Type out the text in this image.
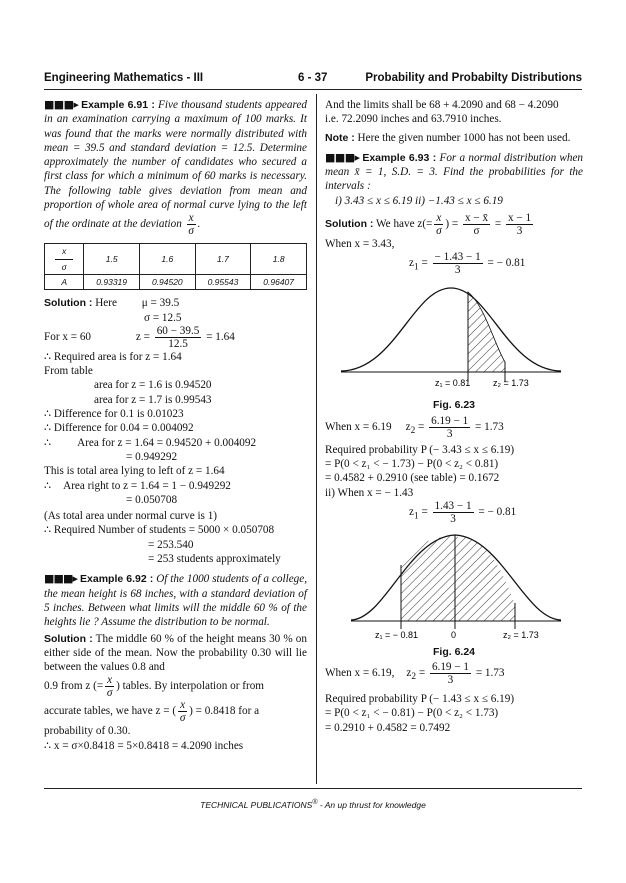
Engineering Mathematics - III	6 - 37	Probability and Probabilty Distributions

■■■▸ Example 6.91 : Five thousand students appeared in an examination carrying a maximum of 100 marks. It was found that the marks were normally distributed with mean = 39.5 and standard deviation = 12.5. Determine approximately the number of candidates who secured a first class for which a minimum of 60 marks is necessary. The following table gives deviation from mean and proportion of whole area of normal curve lying to the left of the ordinate at the deviation $\frac{x}{\sigma}$ .

x
σ	1.5	1.6	1.7	1.8
A	0.93319	0.94520	0.95543	0.96407

Solution : Here μ = 39.5

σ = 12.5

For x = 60	$z = \frac{60 - 39.5}{12.5} = 1.64$

∴ Required area is for z = 1.64

From table

area for z = 1.6 is 0.94520

area for z = 1.7 is 0.99543

∴ Difference for 0.1 is 0.01023

∴ Difference for 0.04 = 0.004092

∴ Area for z = 1.64 = 0.94520 + 0.004092

= 0.949292

This is total area lying to left of z = 1.64

∴ Area right to z = 1.64 = 1 − 0.949292

= 0.050708

(As total area under normal curve is 1)

∴ Required Number of students = 5000 × 0.050708

= 253.540

= 253 students approximately

■■■▸ Example 6.92 : Of the 1000 students of a college, the mean height is 68 inches, with a standard deviation of 5 inches. Between what limits will the middle 60 % of the heights lie ? Assume the distribution to be normal.

Solution : The middle 60 % of the height means 30 % on either side of the mean. Now the probability 0.30 will lie between the values 0.8 and

0.9 from z (= $\frac{x}{\sigma}$ ) tables. By interpolation or from

accurate tables, we have z = ( $\frac{x}{\sigma}$ ) = 0.8418 for a

probability of 0.30.

∴ x = σ×0.8418 = 5×0.8418 = 4.2090 inches

And the limits shall be 68 + 4.2090 and 68 − 4.2090

i.e. 72.2090 inches and 63.7910 inches.

Note : Here the given number 1000 has not been used.

■■■▸ Example 6.93 : For a normal distribution when mean x̄ = 1, S.D. = 3. Find the probabilities for the intervals :

i) 3.43 ≤ x ≤ 6.19 ii) −1.43 ≤ x ≤ 6.19

Solution : We have $z(= \frac{x}{\sigma}$ ) = $\frac{x - x̄}{\sigma} = \frac{x - 1}{3}$

When x = 3.43,

$z_1 = \frac{- 1.43 - 1}{3}$ = − 0.81

z₁ = 0.81	z₂ = 1.73

Fig. 6.23

When x = 6.19 $z_2 = \frac{6.19 - 1}{3} = 1.73$

Required probability P (− 3.43 ≤ x ≤ 6.19)

= P(0 < z₁ < − 1.73) − P(0 < z₂ < 0.81)

= 0.4582 + 0.2910 (see table) = 0.1672

ii) When x = − 1.43

$z_1 = \frac{1.43 - 1}{3}$ = − 0.81

z₁ = − 0.81	0	z₂ = 1.73

Fig. 6.24

When x = 6.19, $z_2 = \frac{6.19 - 1}{3} = 1.73$

Required probability P (− 1.43 ≤ x ≤ 6.19)

= P(0 < z₁ < − 0.81) − P(0 < z₂ < 1.73)

= 0.2910 + 0.4582 = 0.7492

TECHNICAL PUBLICATIONS® - An up thrust for knowledge
